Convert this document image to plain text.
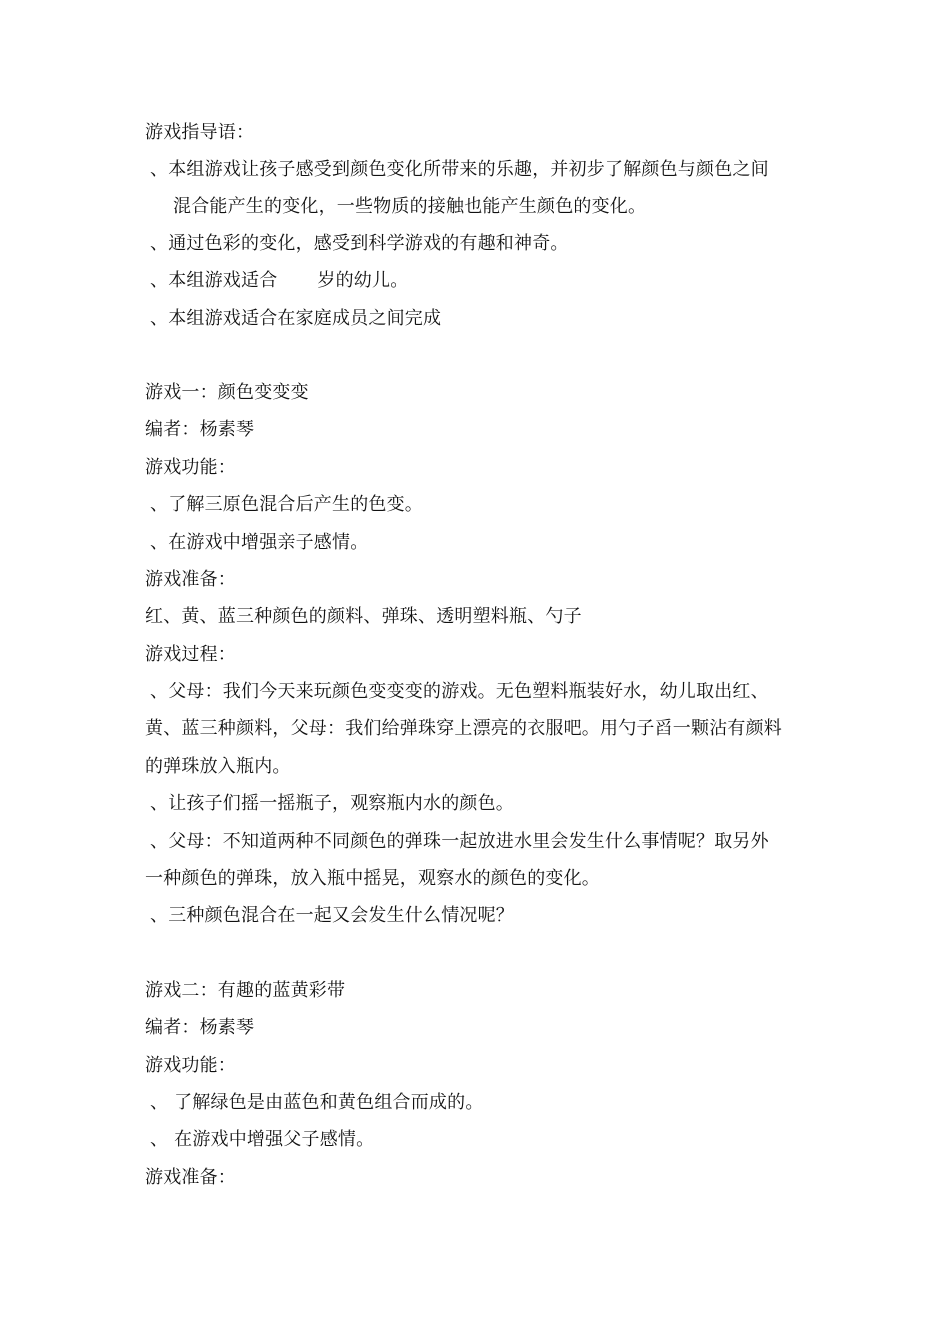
游戏指导语：
、本组游戏让孩子感受到颜色变化所带来的乐趣，并初步了解颜色与颜色之间
混合能产生的变化，一些物质的接触也能产生颜色的变化。
、通过色彩的变化，感受到科学游戏的有趣和神奇。
、本组游戏适合 岁的幼儿。
、本组游戏适合在家庭成员之间完成
游戏一：颜色变变变
编者：杨素琴
游戏功能：
、了解三原色混合后产生的色变。
、在游戏中增强亲子感情。
游戏准备：
红、黄、蓝三种颜色的颜料、弹珠、透明塑料瓶、勺子
游戏过程：
、父母：我们今天来玩颜色变变变的游戏。无色塑料瓶装好水，幼儿取出红、
黄、蓝三种颜料，父母：我们给弹珠穿上漂亮的衣服吧。用勺子舀一颗沾有颜料
的弹珠放入瓶内。
、让孩子们摇一摇瓶子，观察瓶内水的颜色。
、父母：不知道两种不同颜色的弹珠一起放进水里会发生什么事情呢？取另外
一种颜色的弹珠，放入瓶中摇晃，观察水的颜色的变化。
、三种颜色混合在一起又会发生什么情况呢？
游戏二：有趣的蓝黄彩带
编者：杨素琴
游戏功能：
、 了解绿色是由蓝色和黄色组合而成的。
、 在游戏中增强父子感情。
游戏准备：
